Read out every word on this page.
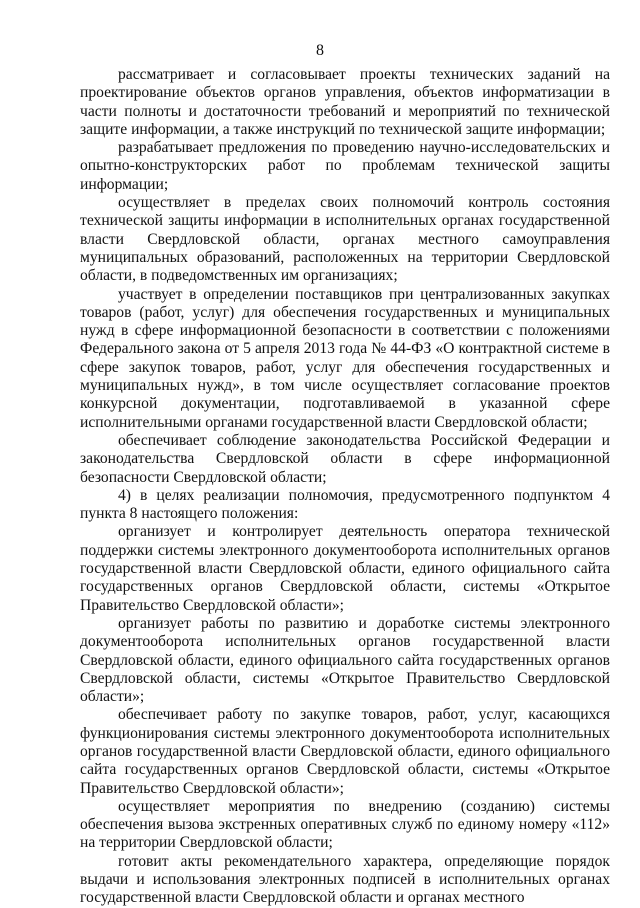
8

рассматривает и согласовывает проекты технических заданий на проектирование объектов органов управления, объектов информатизации в части полноты и достаточности требований и мероприятий по технической защите информации, а также инструкций по технической защите информации;

разрабатывает предложения по проведению научно-исследовательских и опытно-конструкторских работ по проблемам технической защиты информации;

осуществляет в пределах своих полномочий контроль состояния технической защиты информации в исполнительных органах государственной власти Свердловской области, органах местного самоуправления муниципальных образований, расположенных на территории Свердловской области, в подведомственных им организациях;

участвует в определении поставщиков при централизованных закупках товаров (работ, услуг) для обеспечения государственных и муниципальных нужд в сфере информационной безопасности в соответствии с положениями Федерального закона от 5 апреля 2013 года № 44-ФЗ «О контрактной системе в сфере закупок товаров, работ, услуг для обеспечения государственных и муниципальных нужд», в том числе осуществляет согласование проектов конкурсной документации, подготавливаемой в указанной сфере исполнительными органами государственной власти Свердловской области;

обеспечивает соблюдение законодательства Российской Федерации и законодательства Свердловской области в сфере информационной безопасности Свердловской области;

4) в целях реализации полномочия, предусмотренного подпунктом 4 пункта 8 настоящего положения:

организует и контролирует деятельность оператора технической поддержки системы электронного документооборота исполнительных органов государственной власти Свердловской области, единого официального сайта государственных органов Свердловской области, системы «Открытое Правительство Свердловской области»;

организует работы по развитию и доработке системы электронного документооборота исполнительных органов государственной власти Свердловской области, единого официального сайта государственных органов Свердловской области, системы «Открытое Правительство Свердловской области»;

обеспечивает работу по закупке товаров, работ, услуг, касающихся функционирования системы электронного документооборота исполнительных органов государственной власти Свердловской области, единого официального сайта государственных органов Свердловской области, системы «Открытое Правительство Свердловской области»;

осуществляет мероприятия по внедрению (созданию) системы обеспечения вызова экстренных оперативных служб по единому номеру «112» на территории Свердловской области;

готовит акты рекомендательного характера, определяющие порядок выдачи и использования электронных подписей в исполнительных органах государственной власти Свердловской области и органах местного
